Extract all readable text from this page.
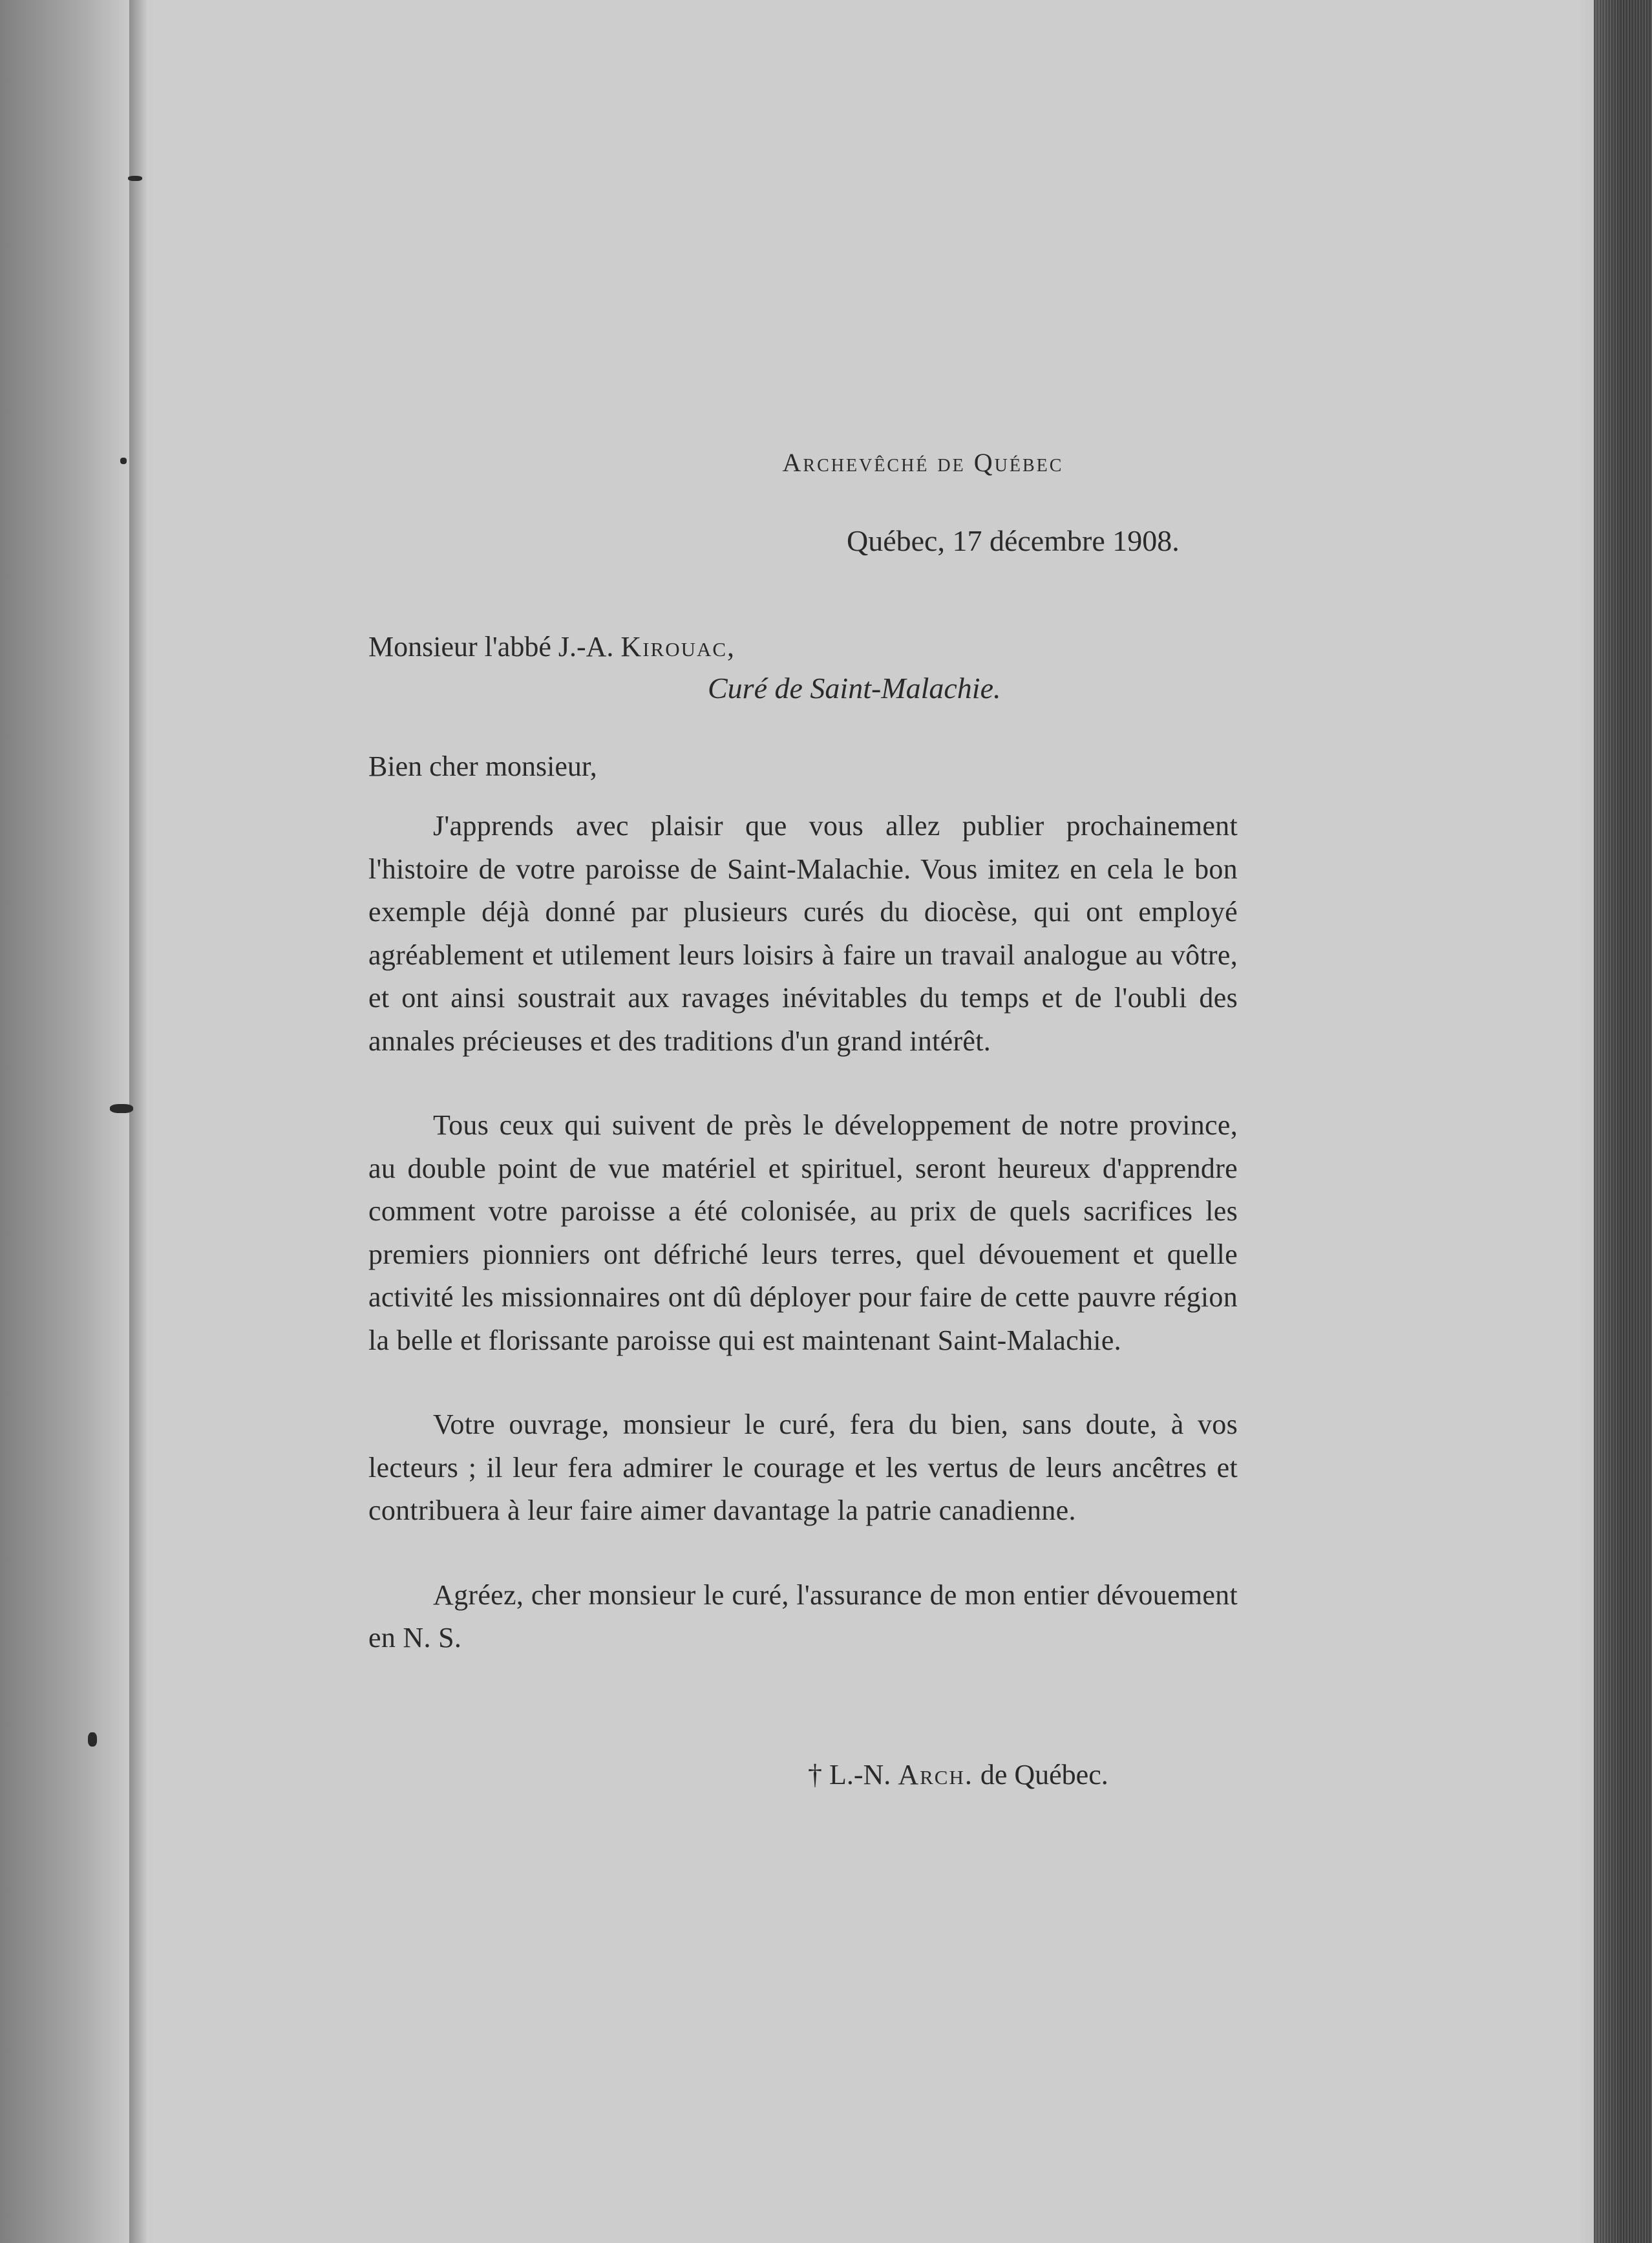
Archevêché de Québec

Québec, 17 décembre 1908.

Monsieur l'abbé J.-A. Kirouac,
Curé de Saint-Malachie.

Bien cher monsieur,

J'apprends avec plaisir que vous allez publier prochainement l'histoire de votre paroisse de Saint-Malachie. Vous imitez en cela le bon exemple déjà donné par plusieurs curés du diocèse, qui ont employé agréablement et utilement leurs loisirs à faire un travail analogue au vôtre, et ont ainsi soustrait aux ravages inévitables du temps et de l'oubli des annales précieuses et des traditions d'un grand intérêt.

Tous ceux qui suivent de près le développement de notre province, au double point de vue matériel et spirituel, seront heureux d'apprendre comment votre paroisse a été colonisée, au prix de quels sacrifices les premiers pionniers ont défriché leurs terres, quel dévouement et quelle activité les missionnaires ont dû déployer pour faire de cette pauvre région la belle et florissante paroisse qui est maintenant Saint-Malachie.

Votre ouvrage, monsieur le curé, fera du bien, sans doute, à vos lecteurs ; il leur fera admirer le courage et les vertus de leurs ancêtres et contribuera à leur faire aimer davantage la patrie canadienne.

Agréez, cher monsieur le curé, l'assurance de mon entier dévouement en N. S.

† L.-N. Arch. de Québec.
